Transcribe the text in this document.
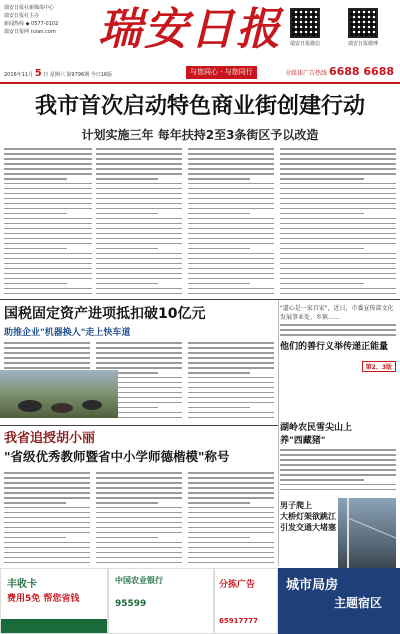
瑞安日报社新媒体中心
瑞安日报社主办
新闻热线 ◆ 0577-0102
瑞安日报网 ruian.com 瑞安日报	瑞安日报微信	瑞安日报微博
2016年11月 5 日 星期六 第9796期 今日16版	与您同心 · 与您同行	全媒体广告热线 6688 6688
我市首次启动特色商业街创建行动
计划实施三年 每年扶持2至3条街区予以改造
国税固定资产进项抵扣破10亿元
助推企业"机器换人"走上快车道
我省追授胡小丽
"省级优秀教师暨省中小学师德楷模"称号
"道心是一家百家"，近日，市委宣传部文化发展事业处、乡镇……
他们的善行义举传递正能量
第2、3版
湖岭农民雪尖山上
养"西藏猪"
男子爬上
大桥灯架欲跳江
引发交通大堵塞
丰收卡
费用5免 帮您省钱
中国农业银行
95599
分拣广告
65917777
城市局房
主题宿区
